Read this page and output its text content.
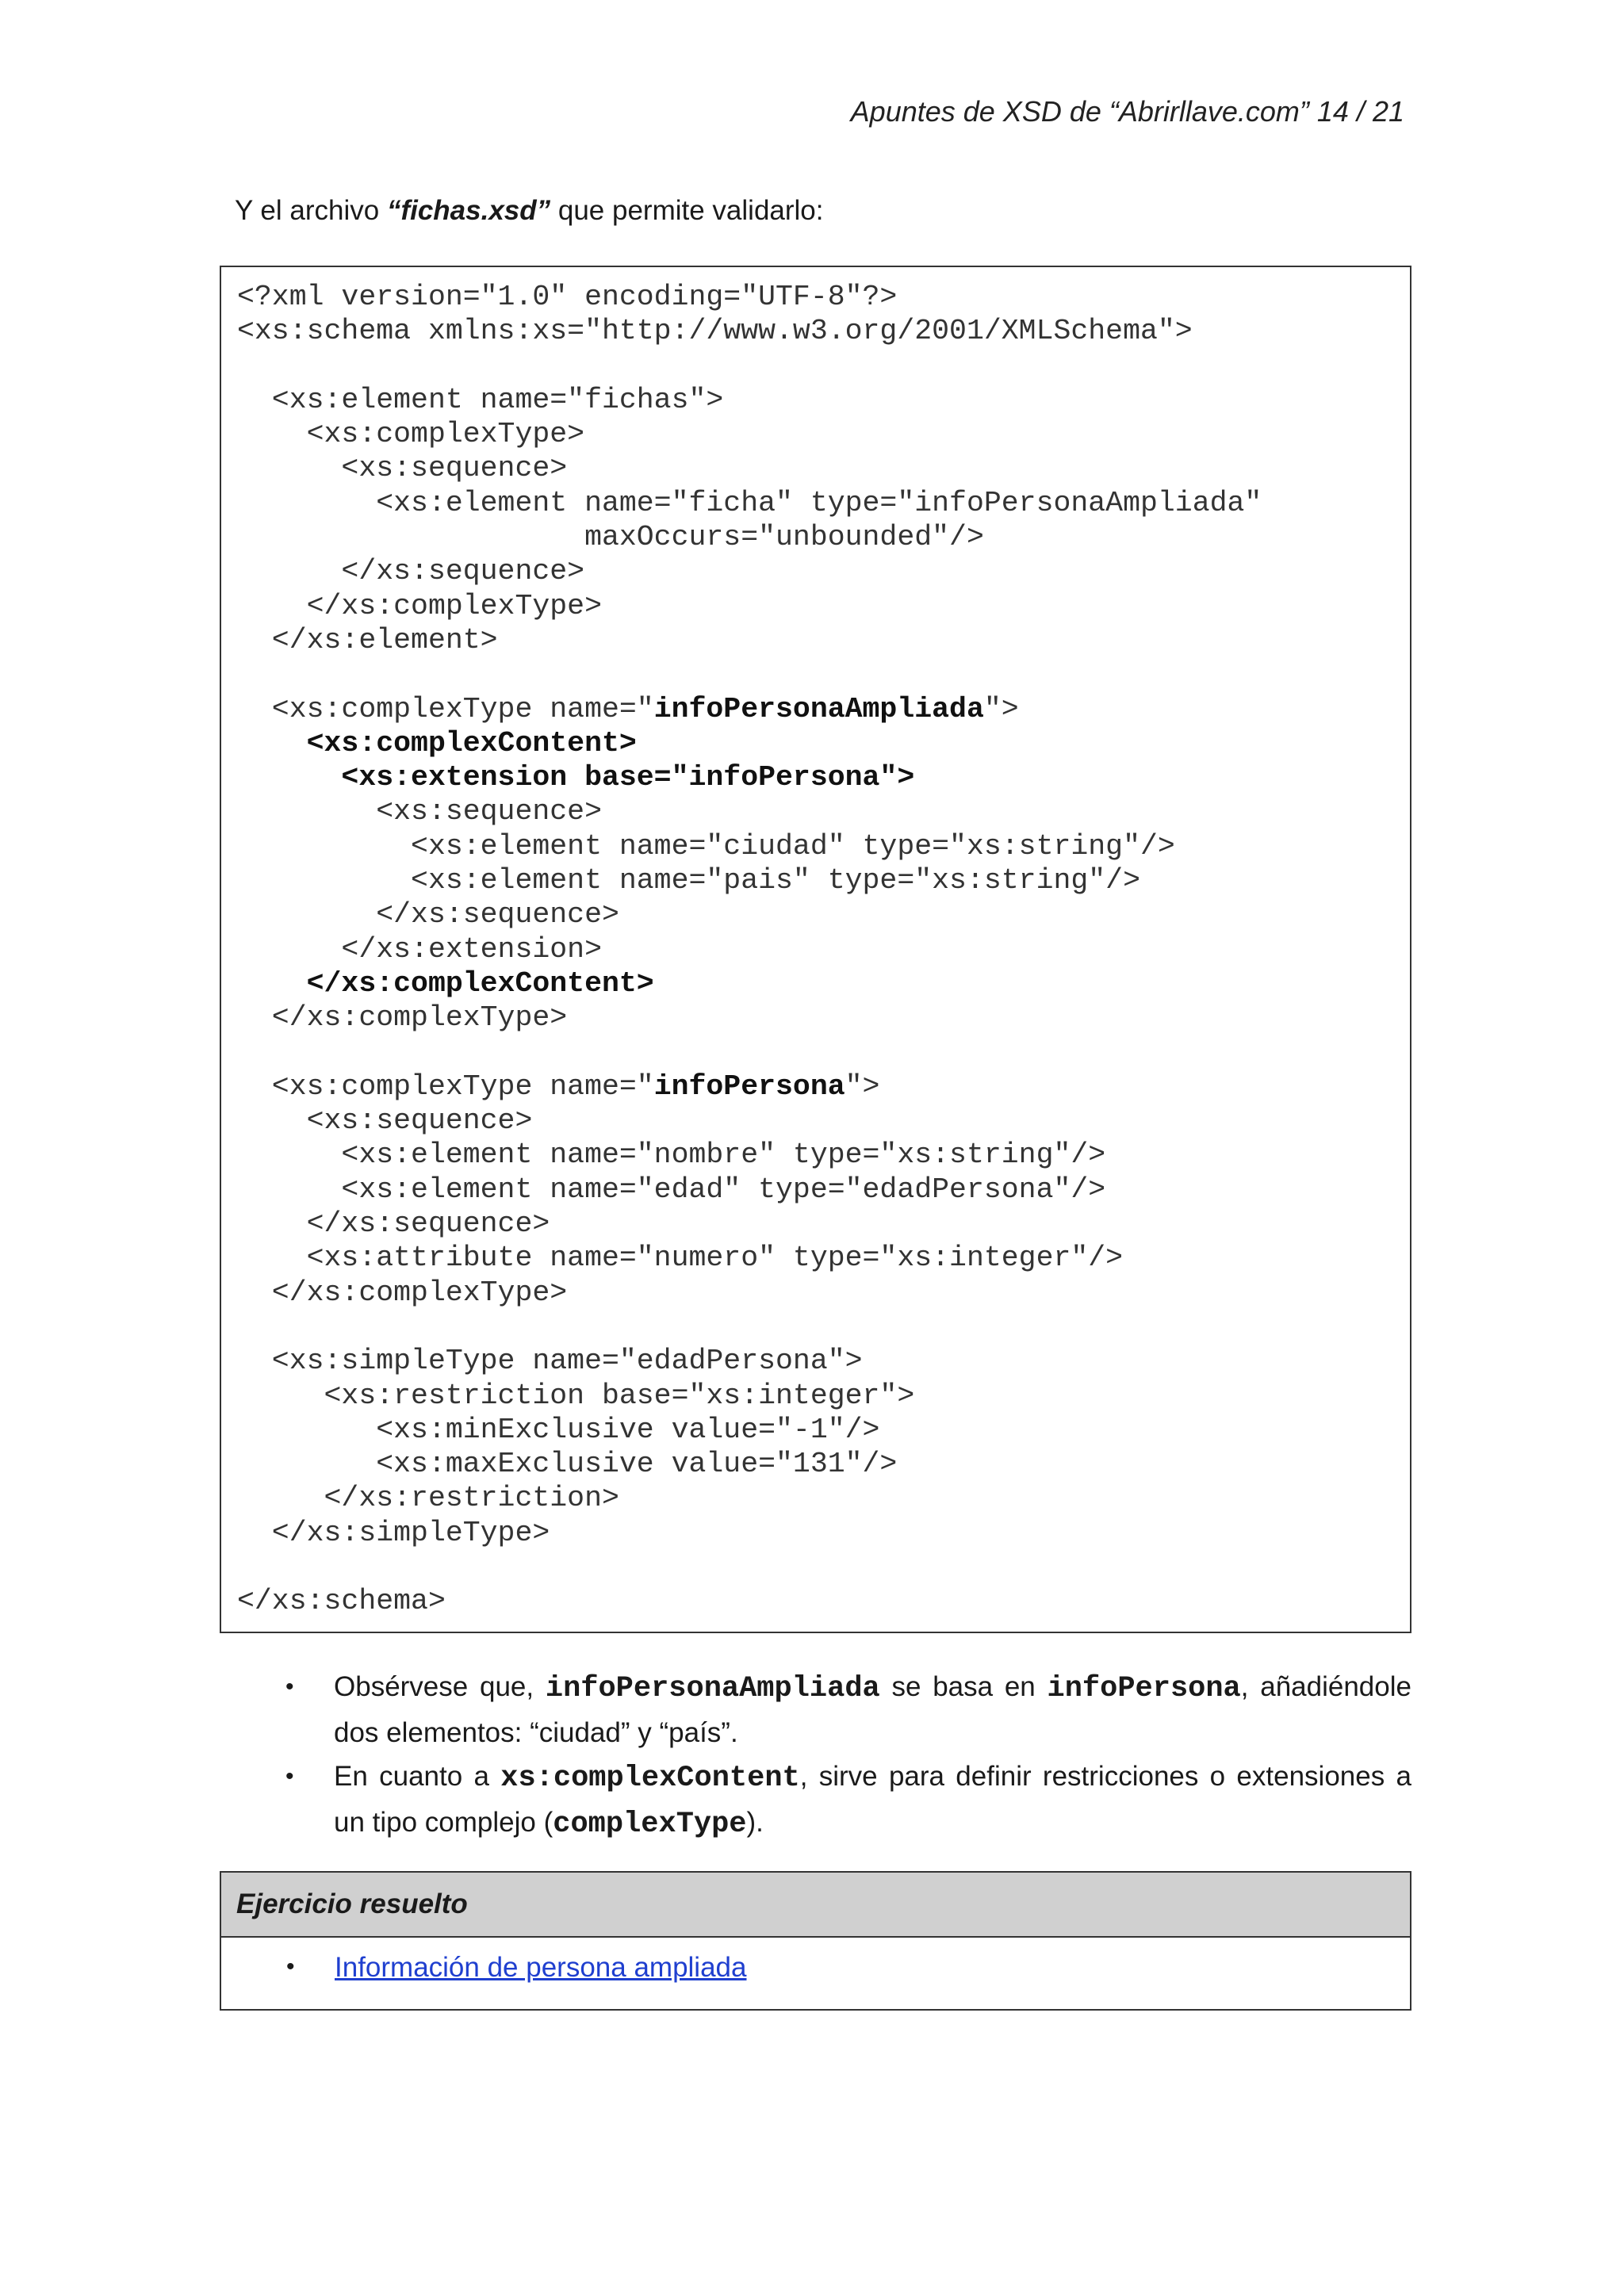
Apuntes de XSD de “Abrirllave.com” 14 / 21
Y el archivo “fichas.xsd” que permite validarlo:
<?xml version="1.0" encoding="UTF-8"?>
<xs:schema xmlns:xs="http://www.w3.org/2001/XMLSchema">

<xs:element name="fichas">
<xs:complexType>
<xs:sequence>
<xs:element name="ficha" type="infoPersonaAmpliada"
maxOccurs="unbounded"/>
</xs:sequence>
</xs:complexType>
</xs:element>

<xs:complexType name="infoPersonaAmpliada">
<xs:complexContent>
<xs:extension base="infoPersona">
<xs:sequence>
<xs:element name="ciudad" type="xs:string"/>
<xs:element name="pais" type="xs:string"/>
</xs:sequence>
</xs:extension>
</xs:complexContent>
</xs:complexType>

<xs:complexType name="infoPersona">
<xs:sequence>
<xs:element name="nombre" type="xs:string"/>
<xs:element name="edad" type="edadPersona"/>
</xs:sequence>
<xs:attribute name="numero" type="xs:integer"/>
</xs:complexType>

<xs:simpleType name="edadPersona">
<xs:restriction base="xs:integer">
<xs:minExclusive value="-1"/>
<xs:maxExclusive value="131"/>
</xs:restriction>
</xs:simpleType>

</xs:schema>
• Obsérvese que, infoPersonaAmpliada se basa en infoPersona, añadiéndole dos elementos: “ciudad” y “país”.
• En cuanto a xs:complexContent, sirve para definir restricciones o extensiones a un tipo complejo (complexType).
Ejercicio resuelto
• Información de persona ampliada
